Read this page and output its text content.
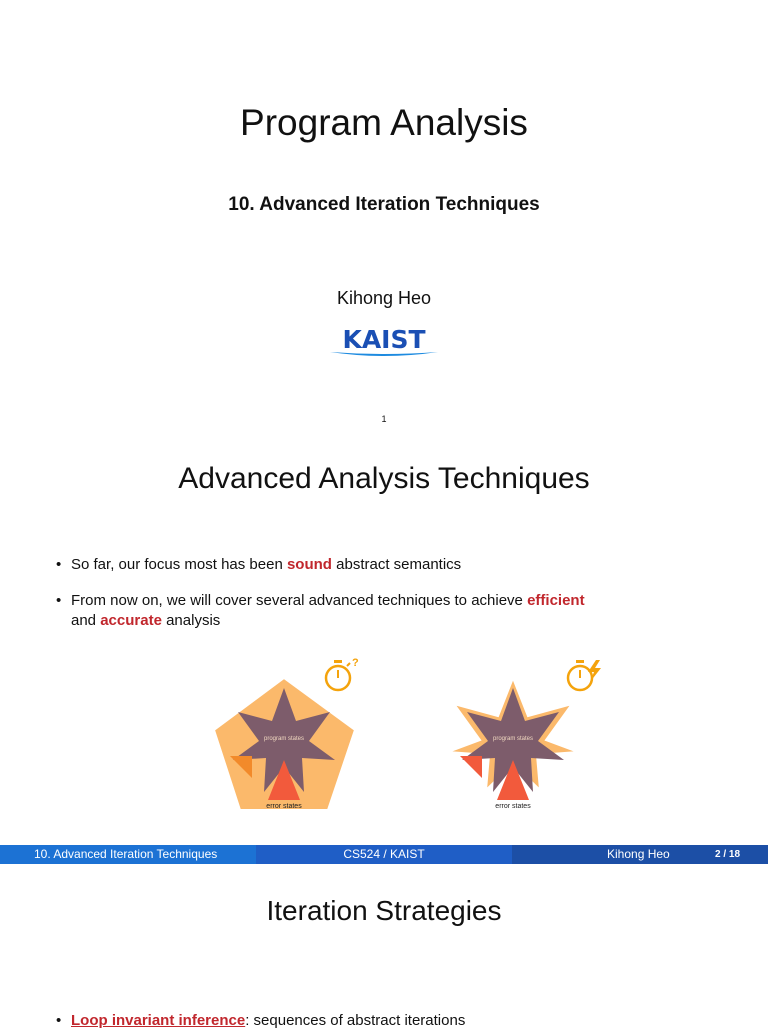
Program Analysis
10. Advanced Iteration Techniques
Kihong Heo
KAIST
1
Advanced Analysis Techniques
• So far, our focus most has been sound abstract semantics
• From now on, we will cover several advanced techniques to achieve efficient
and accurate analysis
program states
error states
?
program states
error states
10. Advanced Iteration Techniques	CS524 / KAIST	Kihong Heo	2 / 18
Iteration Strategies
• Loop invariant inference: sequences of abstract iterations
